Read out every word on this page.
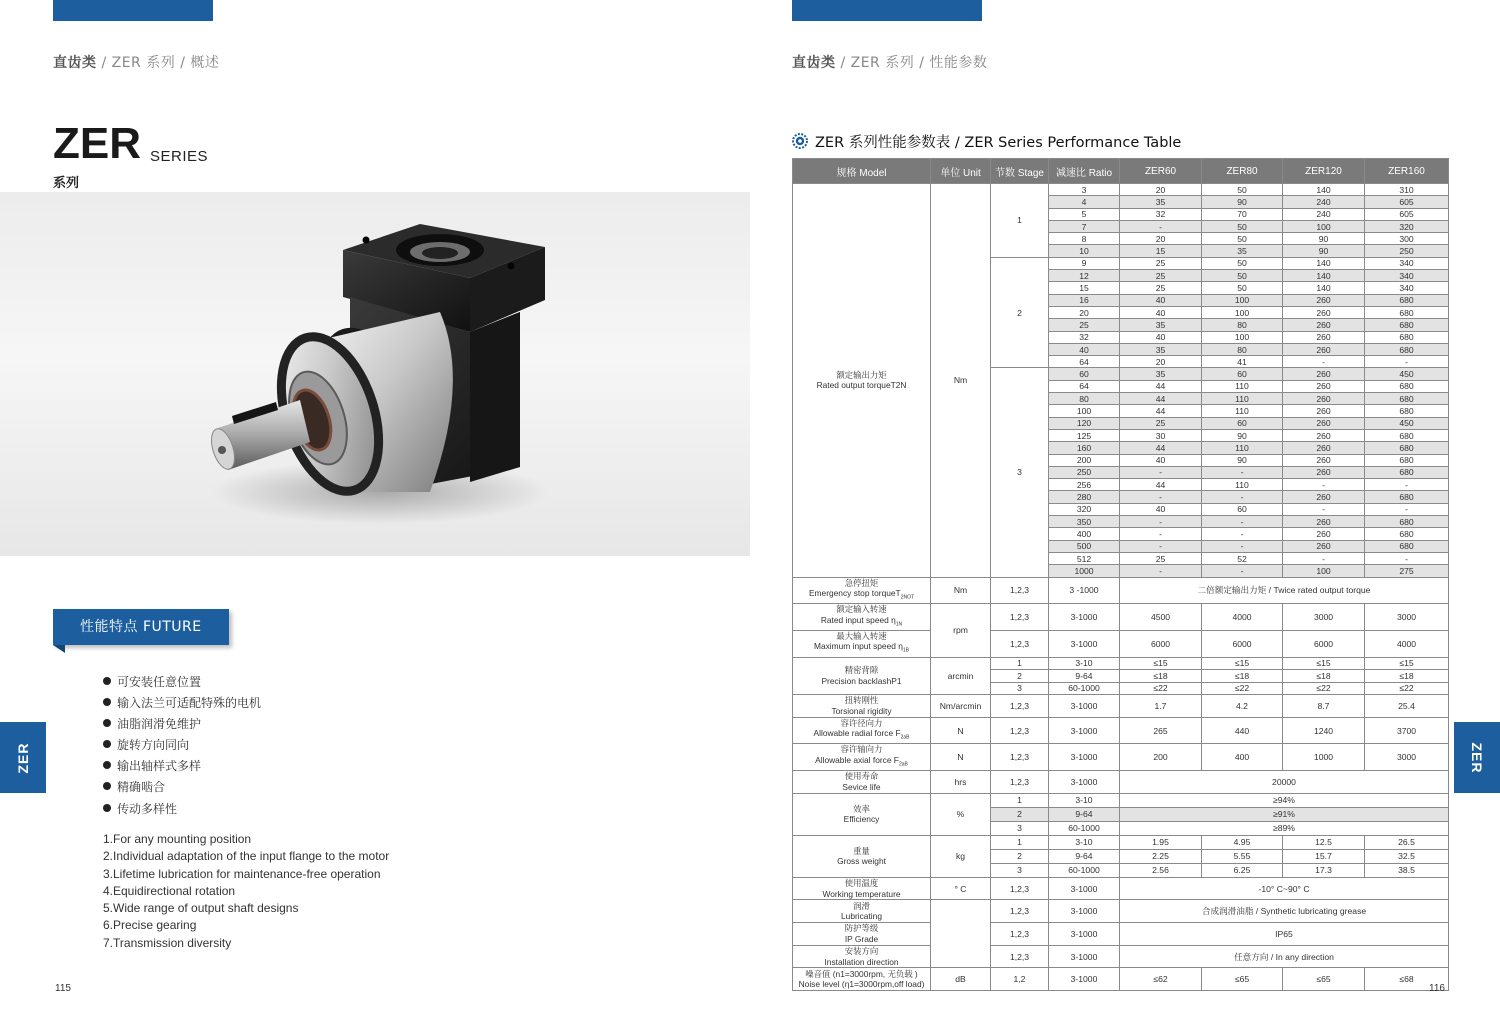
直齿类 / ZER 系列 / 概述
ZER SERIES
系列
性能特点 FUTURE
可安装任意位置
输入法兰可适配特殊的电机
油脂润滑免维护
旋转方向同向
输出轴样式多样
精确啮合
传动多样性
1.For any mounting position
2.Individual adaptation of the input flange to the motor
3.Lifetime lubrication for maintenance-free operation
4.Equidirectional rotation
5.Wide range of output shaft designs
6.Precise gearing
7.Transmission diversity
ZER
115
直齿类 / ZER 系列 / 性能参数
ZER 系列性能参数表 / ZER Series Performance Table
规格 Model	单位 Unit	节数 Stage	减速比 Ratio	ZER60	ZER80	ZER120	ZER160

额定输出力矩
Rated output torqueT2N	Nm	1	3	20	50	140	310
			4	35	90	240	605
			5	32	70	240	605
			7	-	50	100	320
			8	20	50	90	300
			10	15	35	90	250
		2	9	25	50	140	340
			12	25	50	140	340
			15	25	50	140	340
			16	40	100	260	680
			20	40	100	260	680
			25	35	80	260	680
			32	40	100	260	680
			40	35	80	260	680
			64	20	41	-	-
		3	60	35	60	260	450
			64	44	110	260	680
			80	44	110	260	680
			100	44	110	260	680
			120	25	60	260	450
			125	30	90	260	680
			160	44	110	260	680
			200	40	90	260	680
			250	-	-	260	680
			256	44	110	-	-
			280	-	-	260	680
			320	40	60	-	-
			350	-	-	260	680
			400	-	-	260	680
			500	-	-	260	680
			512	25	52	-	-
			1000	-	-	100	275

急停扭矩
Emergency stop torqueT$_{2NOT}$	Nm	1,2,3	3 -1000	二倍额定输出力矩 / Twice rated output torque			

额定输入转速
Rated input speed $\eta_{1N}$	rpm	1,2,3	3-1000	4500	4000	3000	3000

最大输入转速
Maximum input speed $\eta_{1B}$		1,2,3	3-1000	6000	6000	6000	4000

精密背隙
Precision backlashP1	arcmin	1	3-10	≤15	≤15	≤15	≤15
		2	9-64	≤18	≤18	≤18	≤18
		3	60-1000	≤22	≤22	≤22	≤22

扭转刚性
Torsional rigidity	Nm/arcmin	1,2,3	3-1000	1.7	4.2	8.7	25.4

容许径向力
Allowable radial force $F_{2aB}$	N	1,2,3	3-1000	265	440	1240	3700

容许轴向力
Allowable axial force $F_{2aB}$	N	1,2,3	3-1000	200	400	1000	3000

使用寿命
Sevice life	hrs	1,2,3	3-1000	20000			

效率
Efficiency	%	1	3-10	≥94%			
		2	9-64	≥91%			
		3	60-1000	≥89%			

重量
Gross weight	kg	1	3-10	1.95	4.95	12.5	26.5
		2	9-64	2.25	5.55	15.7	32.5
		3	60-1000	2.56	6.25	17.3	38.5

使用温度
Working temperature	° C	1,2,3	3-1000	-10° C~90° C			

润滑
Lubricating		1,2,3	3-1000	合成润滑油脂 / Synthetic lubricating grease			

防护等级
IP Grade		1,2,3	3-1000	IP65			

安装方向
Installation direction		1,2,3	3-1000	任意方向 / In any direction			

噪音值 (n1=3000rpm, 无负载 )
Noise level (η1=3000rpm,off load)	dB	1,2	3-1000	≤62	≤65	≤65	≤68
ZER
116
